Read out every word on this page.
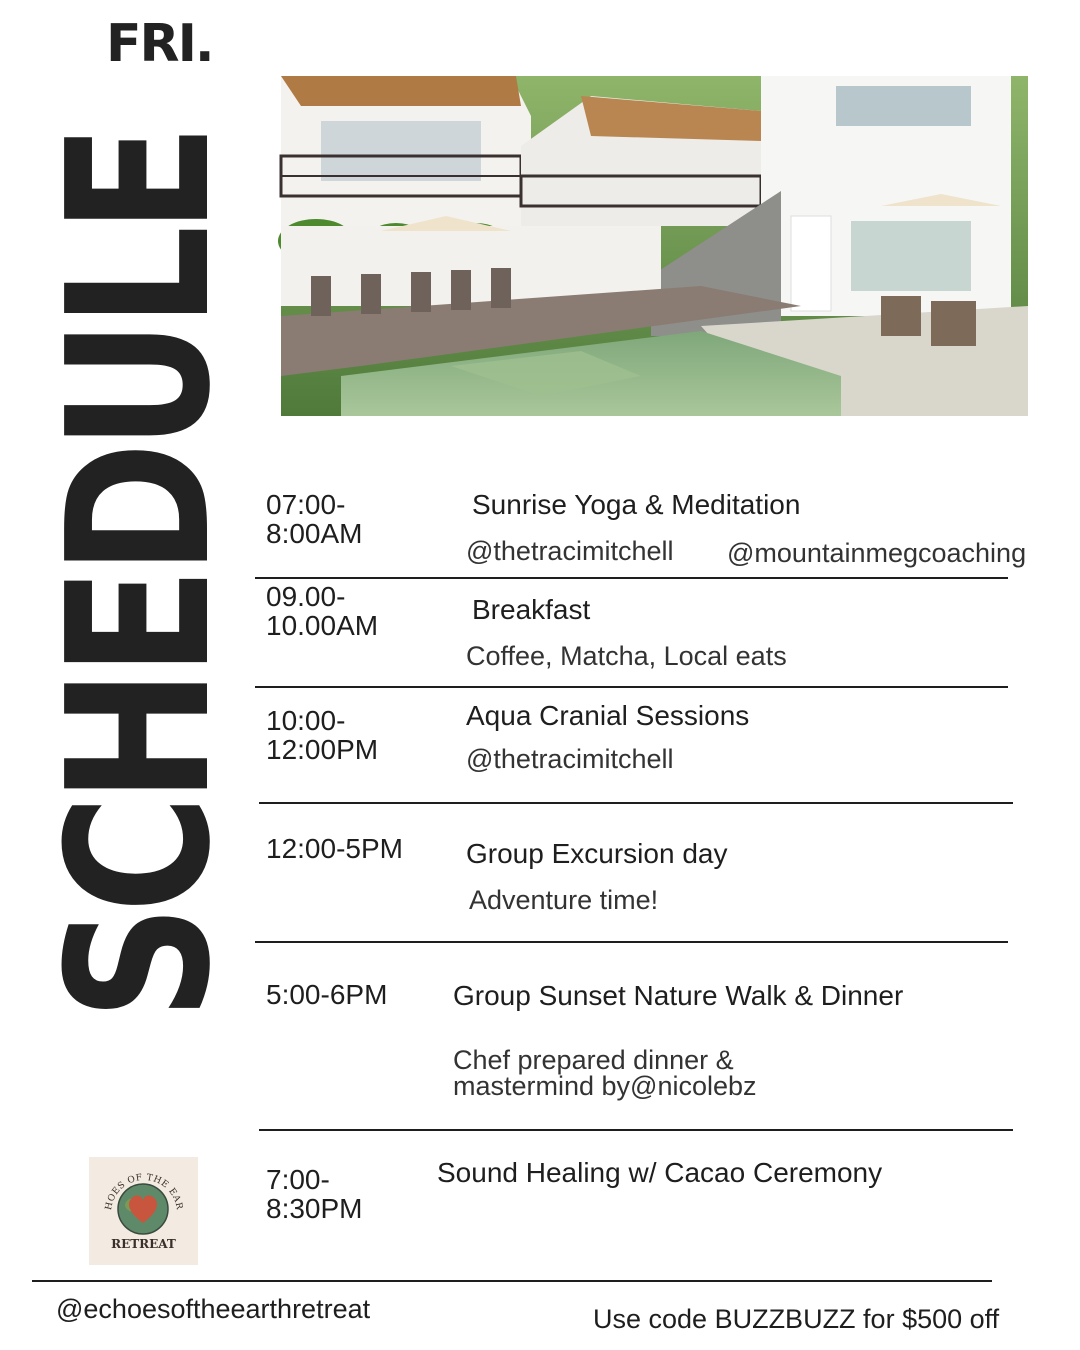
SCHEDULE
FRI.
07:00-
8:00AM
Sunrise Yoga & Meditation
@thetracimitchell @mountainmegcoaching
09.00-
10.00AM
Breakfast
Coffee, Matcha, Local eats
10:00-
12:00PM
Aqua Cranial Sessions
@thetracimitchell
12:00-5PM Group Excursion day
Adventure time!
5:00-6PM Group Sunset Nature Walk & Dinner
Chef prepared dinner &
mastermind by@nicolebz
7:00-
8:30PM
Sound Healing w/ Cacao Ceremony
HOES OF THE EAR
RETREAT
@echoesoftheearthretreat	Use code BUZZBUZZ for $500 off
